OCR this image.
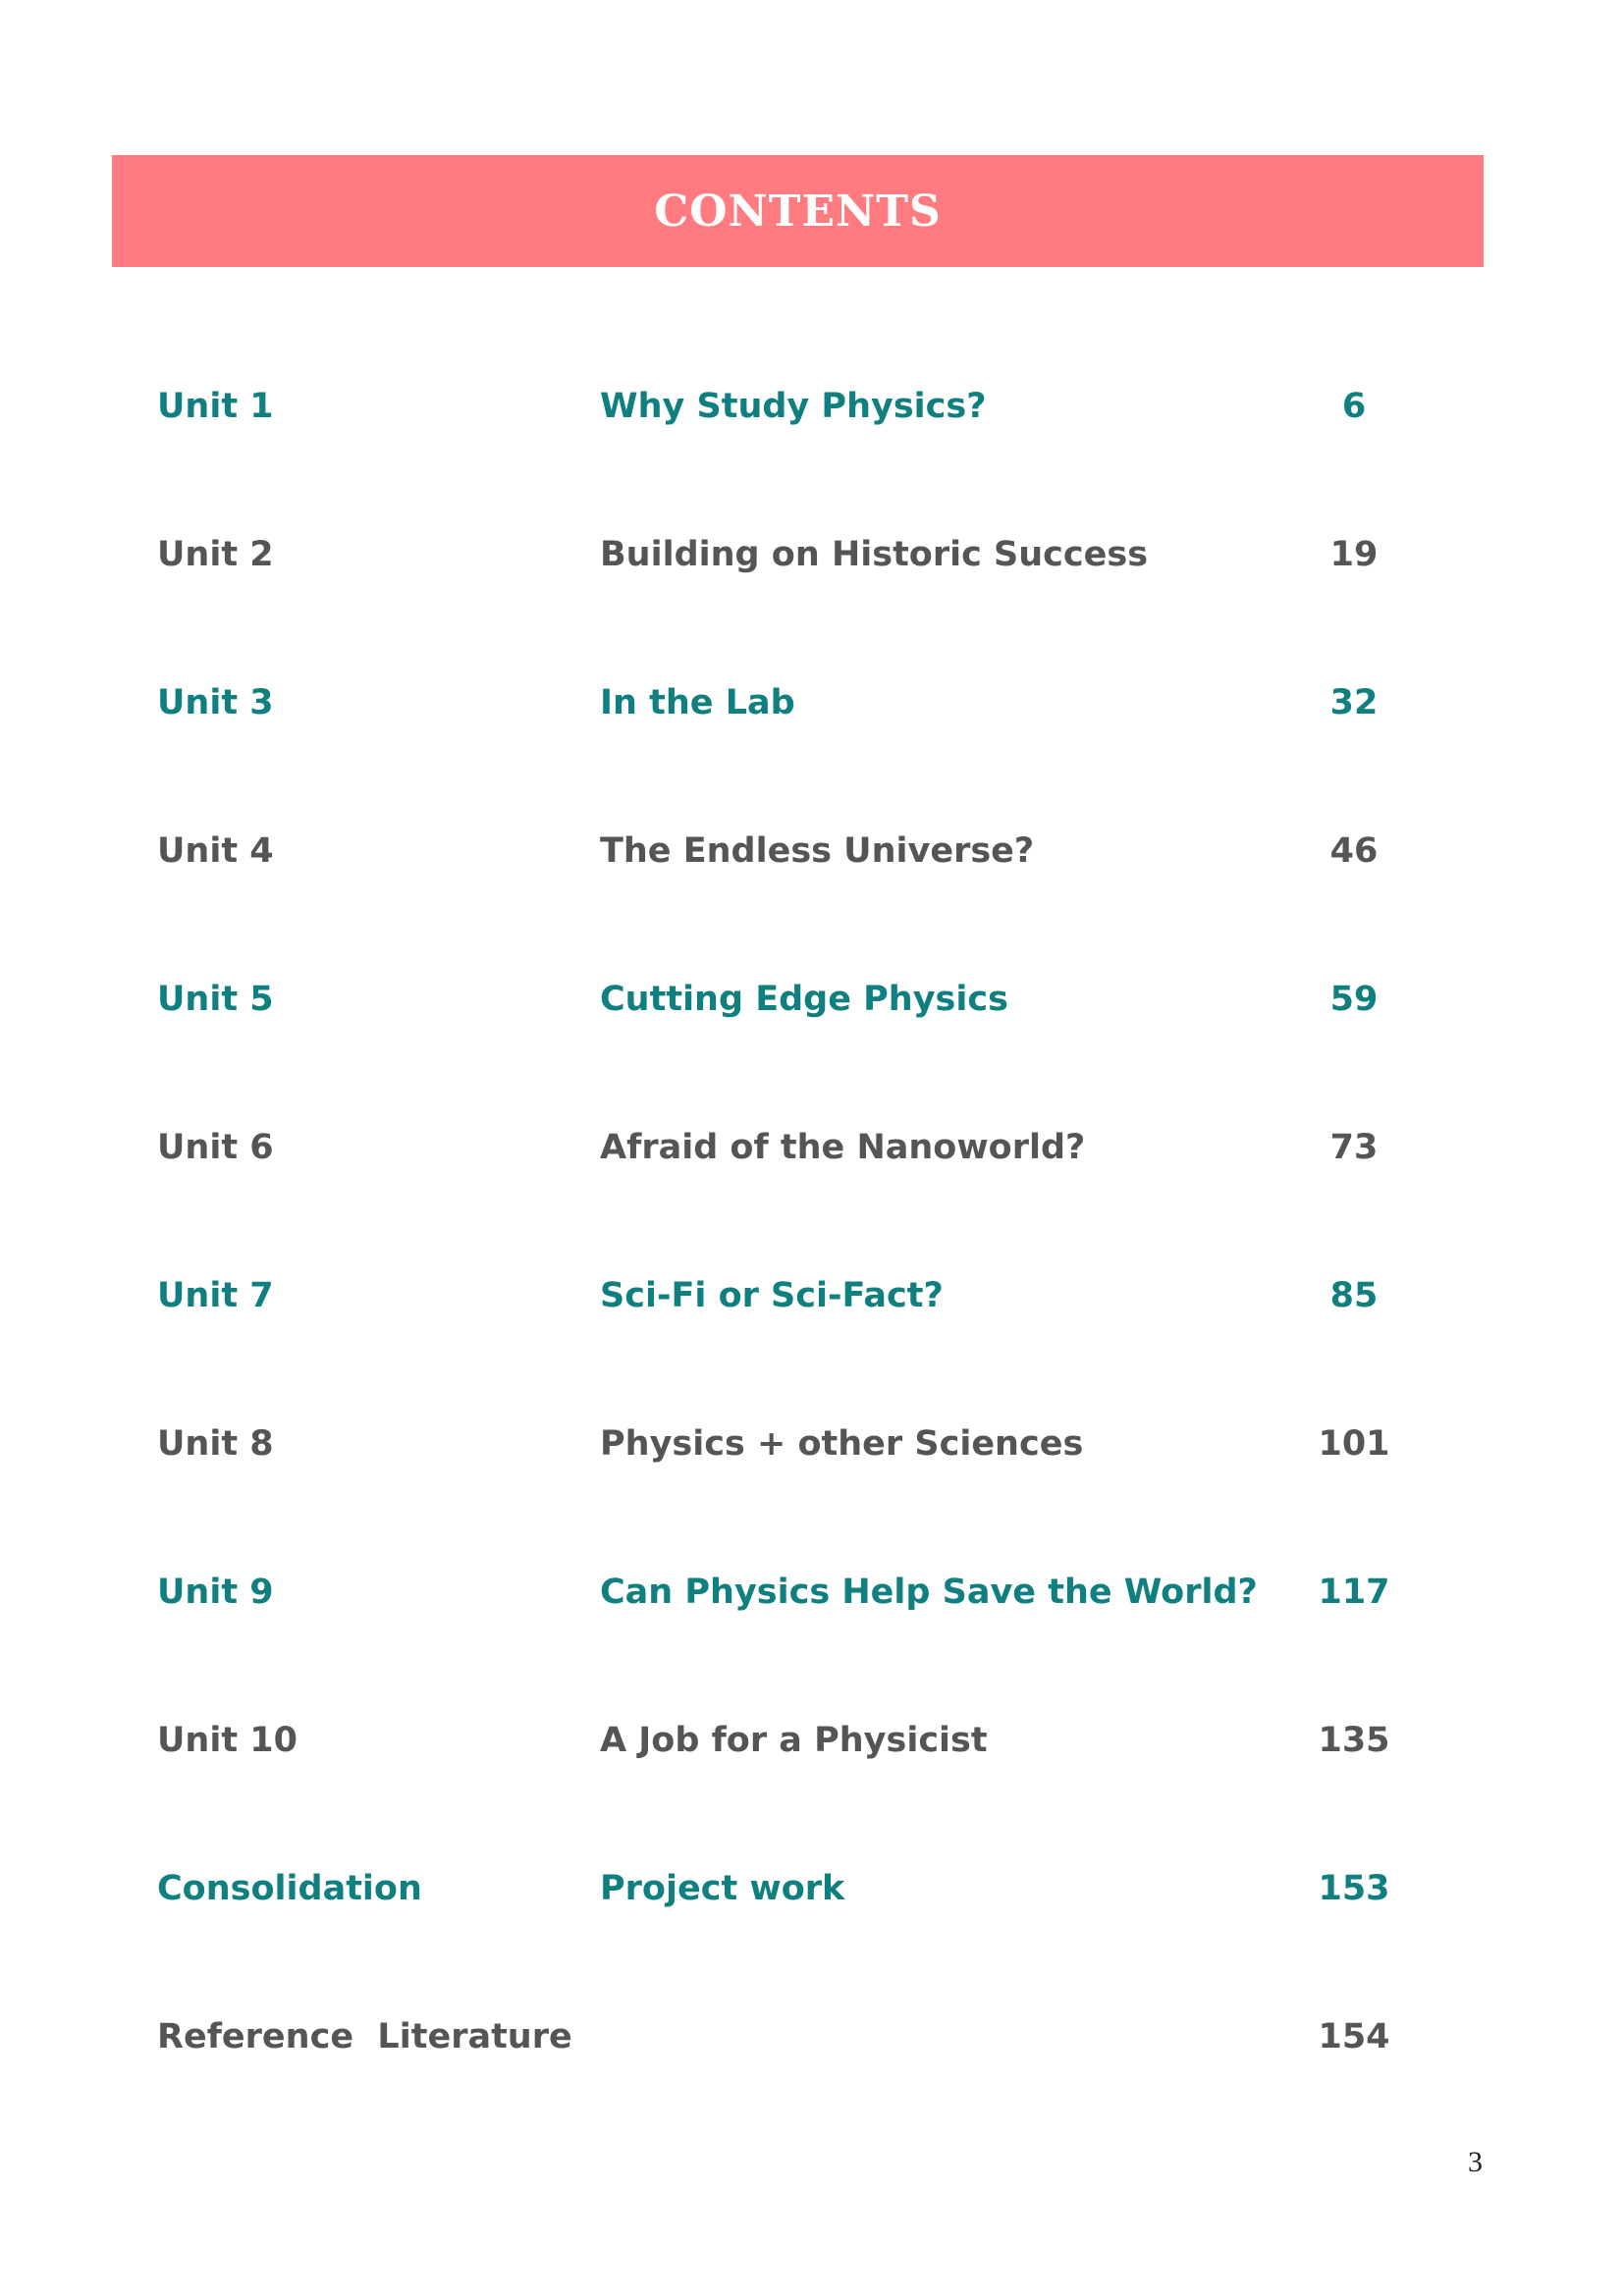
CONTENTS
Unit 1	Why Study Physics?	6
Unit 2	Building on Historic Success	19
Unit 3	In the Lab	32
Unit 4	The Endless Universe?	46
Unit 5	Cutting Edge Physics	59
Unit 6	Afraid of the Nanoworld?	73
Unit 7	Sci-Fi or Sci-Fact?	85
Unit 8	Physics + other Sciences	101
Unit 9	Can Physics Help Save the World?	117
Unit 10	A Job for a Physicist	135
Consolidation	Project work	153
Reference  Literature	154
3
